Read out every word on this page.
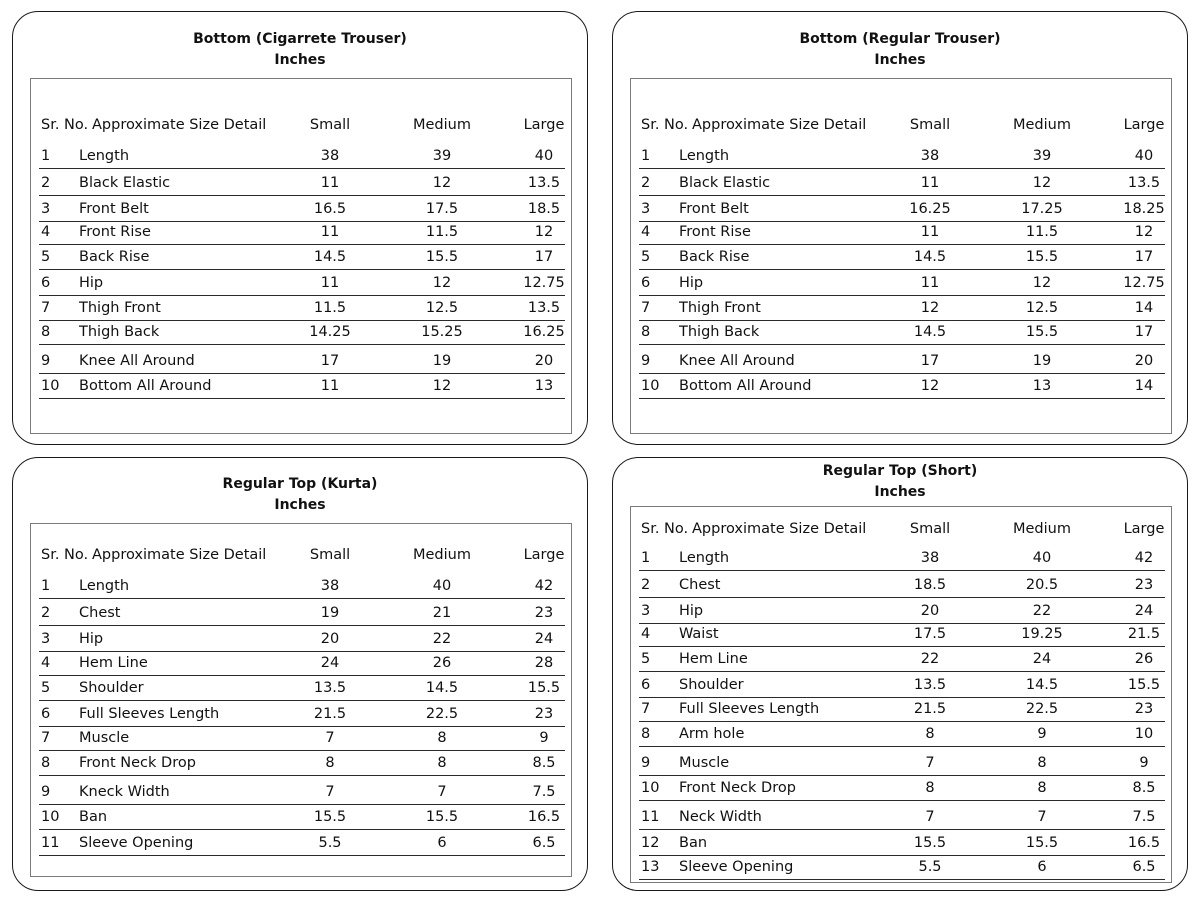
Bottom (Cigarrete Trouser)
Inches
Sr. No. Approximate Size Detail	Small	Medium	Large
1 Length	38	39	40
2 Black Elastic	11	12	13.5
3 Front Belt	16.5	17.5	18.5
4 Front Rise	11	11.5	12
5 Back Rise	14.5	15.5	17
6 Hip	11	12	12.75
7 Thigh Front	11.5	12.5	13.5
8 Thigh Back	14.25	15.25	16.25
9 Knee All Around	17	19	20
10 Bottom All Around	11	12	13
Bottom (Regular Trouser)
Inches
Sr. No. Approximate Size Detail	Small	Medium	Large
1 Length	38	39	40
2 Black Elastic	11	12	13.5
3 Front Belt	16.25	17.25	18.25
4 Front Rise	11	11.5	12
5 Back Rise	14.5	15.5	17
6 Hip	11	12	12.75
7 Thigh Front	12	12.5	14
8 Thigh Back	14.5	15.5	17
9 Knee All Around	17	19	20
10 Bottom All Around	12	13	14
Regular Top (Kurta)
Inches
Sr. No. Approximate Size Detail	Small	Medium	Large
1 Length	38	40	42
2 Chest	19	21	23
3 Hip	20	22	24
4 Hem Line	24	26	28
5 Shoulder	13.5	14.5	15.5
6 Full Sleeves Length	21.5	22.5	23
7 Muscle	7	8	9
8 Front Neck Drop	8	8	8.5
9 Kneck Width	7	7	7.5
10 Ban	15.5	15.5	16.5
11 Sleeve Opening	5.5	6	6.5
Regular Top (Short)
Inches
Sr. No. Approximate Size Detail	Small	Medium	Large
1 Length	38	40	42
2 Chest	18.5	20.5	23
3 Hip	20	22	24
4 Waist	17.5	19.25	21.5
5 Hem Line	22	24	26
6 Shoulder	13.5	14.5	15.5
7 Full Sleeves Length	21.5	22.5	23
8 Arm hole	8	9	10
9 Muscle	7	8	9
10 Front Neck Drop	8	8	8.5
11 Neck Width	7	7	7.5
12 Ban	15.5	15.5	16.5
13 Sleeve Opening	5.5	6	6.5
